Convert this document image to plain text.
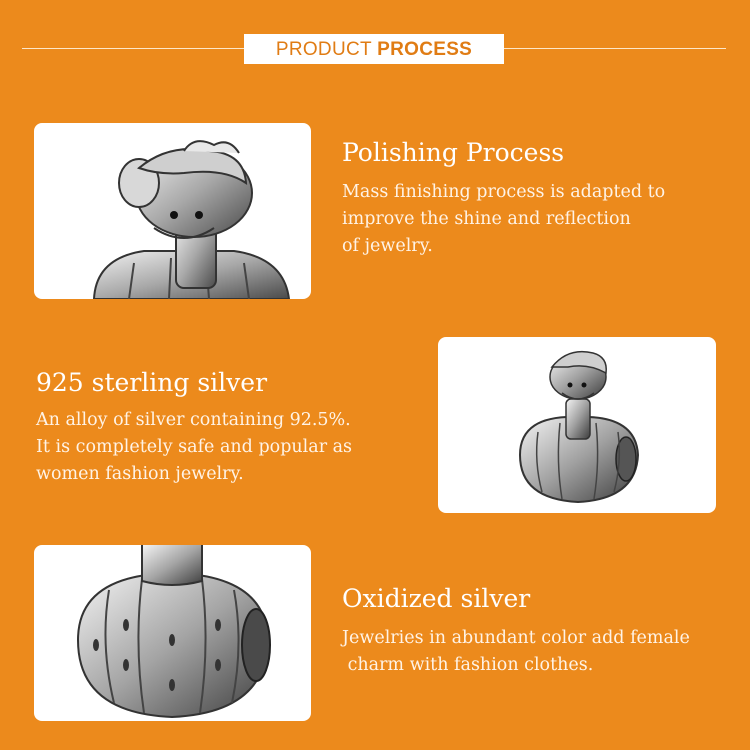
PRODUCT PROCESS
Polishing Process
Mass finishing process is adapted to
improve the shine and reflection
of jewelry.
925 sterling silver
An alloy of silver containing 92.5%.
It is completely safe and popular as
women fashion jewelry.
Oxidized silver
Jewelries in abundant color add female
charm with fashion clothes.
